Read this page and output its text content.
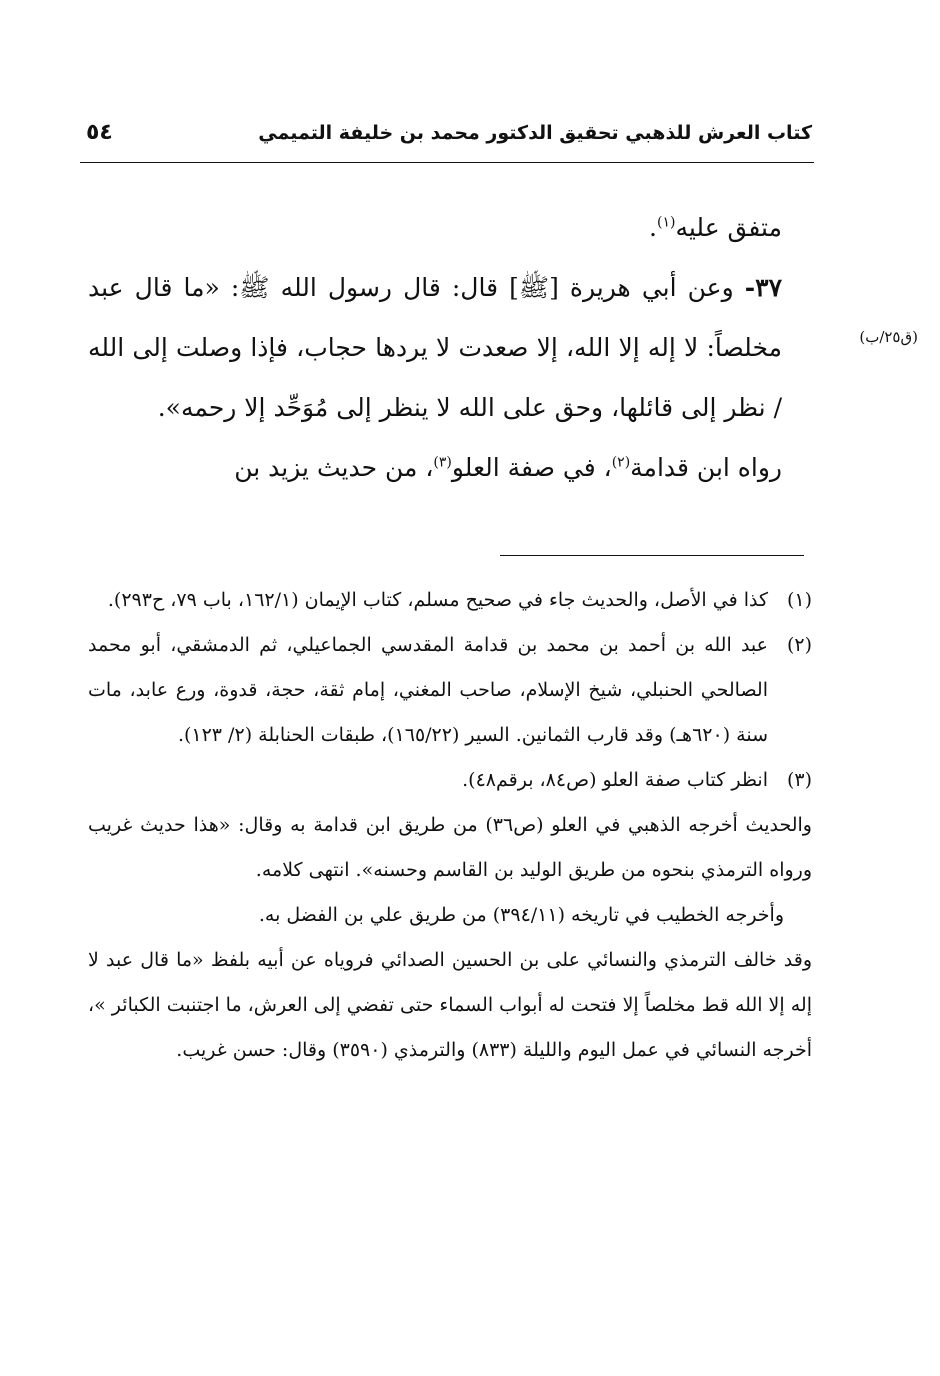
كتاب العرش للذهبي تحقيق الدكتور محمد بن خليفة التميمي
٥٤
(ق٢٥/ب)

متفق عليه$^{(١)}$.

٣٧- وعن أبي هريرة [ﷺ] قال: قال رسول الله ﷺ: «ما قال عبد مخلصاً: لا إله إلا الله، إلا صعدت لا يردها حجاب، فإذا وصلت إلى الله / نظر إلى قائلها، وحق على الله لا ينظر إلى مُوَحِّد إلا رحمه».

رواه ابن قدامة$^{(٢)}$، في صفة العلو$^{(٣)}$، من حديث يزيد بن

(١)
كذا في الأصل، والحديث جاء في صحيح مسلم، كتاب الإيمان (١٦٢/١، باب ٧٩، ح٢٩٣).

(٢)
عبد الله بن أحمد بن محمد بن قدامة المقدسي الجماعيلي، ثم الدمشقي، أبو محمد الصالحي الحنبلي، شيخ الإسلام، صاحب المغني، إمام ثقة، حجة، قدوة، ورع عابد، مات سنة (٦٢٠هـ) وقد قارب الثمانين. السير (١٦٥/٢٢)، طبقات الحنابلة (٢/ ١٢٣).

(٣)
انظر كتاب صفة العلو (ص٨٤، برقم٤٨).

والحديث أخرجه الذهبي في العلو (ص٣٦) من طريق ابن قدامة به وقال: «هذا حديث غريب ورواه الترمذي بنحوه من طريق الوليد بن القاسم وحسنه». انتهى كلامه.

وأخرجه الخطيب في تاريخه (٣٩٤/١١) من طريق علي بن الفضل به.

وقد خالف الترمذي والنسائي على بن الحسين الصدائي فروياه عن أبيه بلفظ «ما قال عبد لا إله إلا الله قط مخلصاً إلا فتحت له أبواب السماء حتى تفضي إلى العرش، ما اجتنبت الكبائر »، أخرجه النسائي في عمل اليوم والليلة (٨٣٣) والترمذي (٣٥٩٠) وقال: حسن غريب.
